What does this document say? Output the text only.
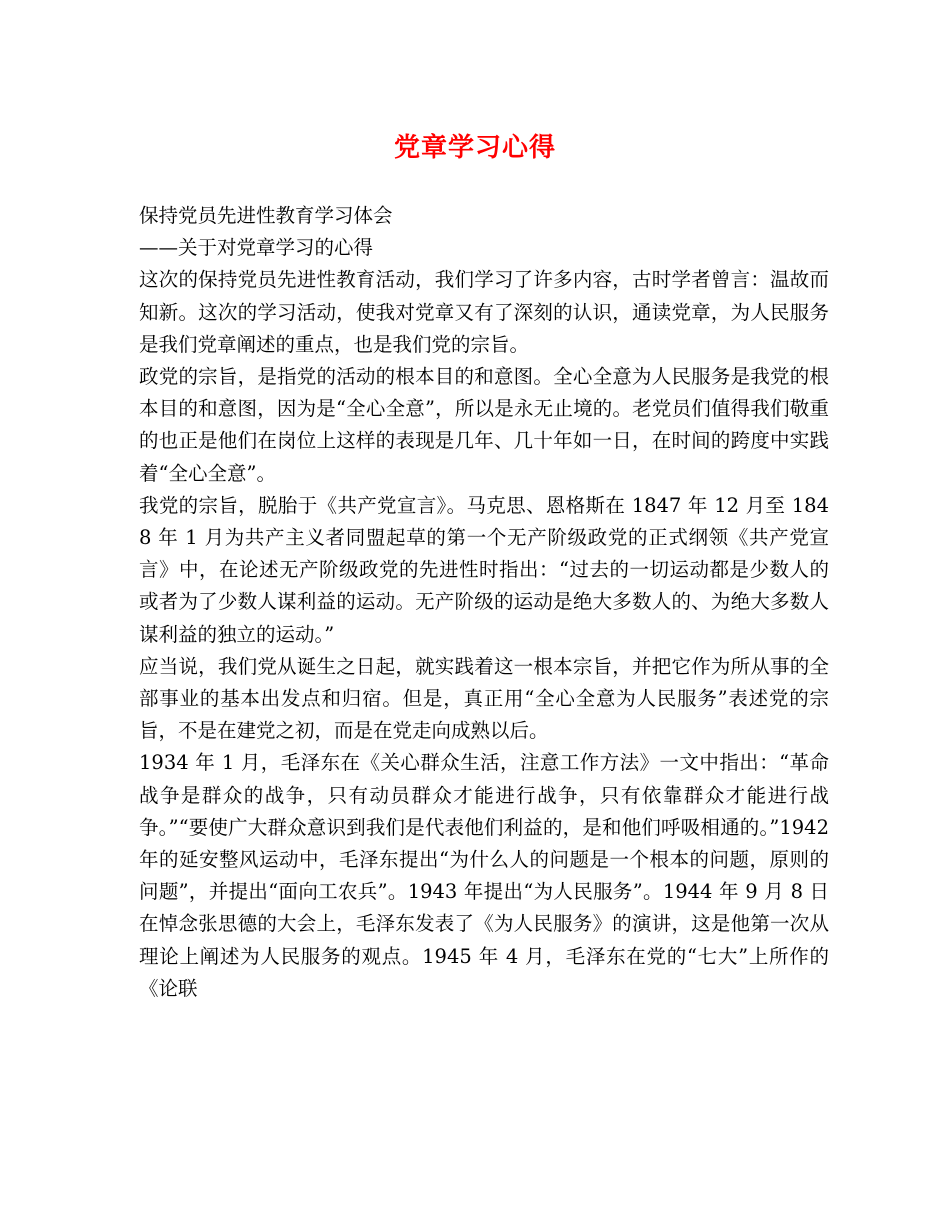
党章学习心得

保持党员先进性教育学习体会

——关于对党章学习的心得

这次的保持党员先进性教育活动，我们学习了许多内容，古时学者曾言：温故而知新。这次的学习活动，使我对党章又有了深刻的认识，通读党章，为人民服务是我们党章阐述的重点，也是我们党的宗旨。

政党的宗旨，是指党的活动的根本目的和意图。全心全意为人民服务是我党的根本目的和意图，因为是“全心全意”，所以是永无止境的。老党员们值得我们敬重的也正是他们在岗位上这样的表现是几年、几十年如一日，在时间的跨度中实践着“全心全意”。

我党的宗旨，脱胎于《共产党宣言》。马克思、恩格斯在 1847 年 12 月至 1848 年 1 月为共产主义者同盟起草的第一个无产阶级政党的正式纲领《共产党宣言》中，在论述无产阶级政党的先进性时指出：“过去的一切运动都是少数人的或者为了少数人谋利益的运动。无产阶级的运动是绝大多数人的、为绝大多数人谋利益的独立的运动。”

应当说，我们党从诞生之日起，就实践着这一根本宗旨，并把它作为所从事的全部事业的基本出发点和归宿。但是，真正用“全心全意为人民服务”表述党的宗旨，不是在建党之初，而是在党走向成熟以后。

1934 年 1 月，毛泽东在《关心群众生活，注意工作方法》一文中指出：“革命战争是群众的战争，只有动员群众才能进行战争，只有依靠群众才能进行战争。”“要使广大群众意识到我们是代表他们利益的，是和他们呼吸相通的。”1942 年的延安整风运动中，毛泽东提出“为什么人的问题是一个根本的问题，原则的问题”，并提出“面向工农兵”。1943 年提出“为人民服务”。1944 年 9 月 8 日在悼念张思德的大会上，毛泽东发表了《为人民服务》的演讲，这是他第一次从理论上阐述为人民服务的观点。1945 年 4 月，毛泽东在党的“七大”上所作的《论联
